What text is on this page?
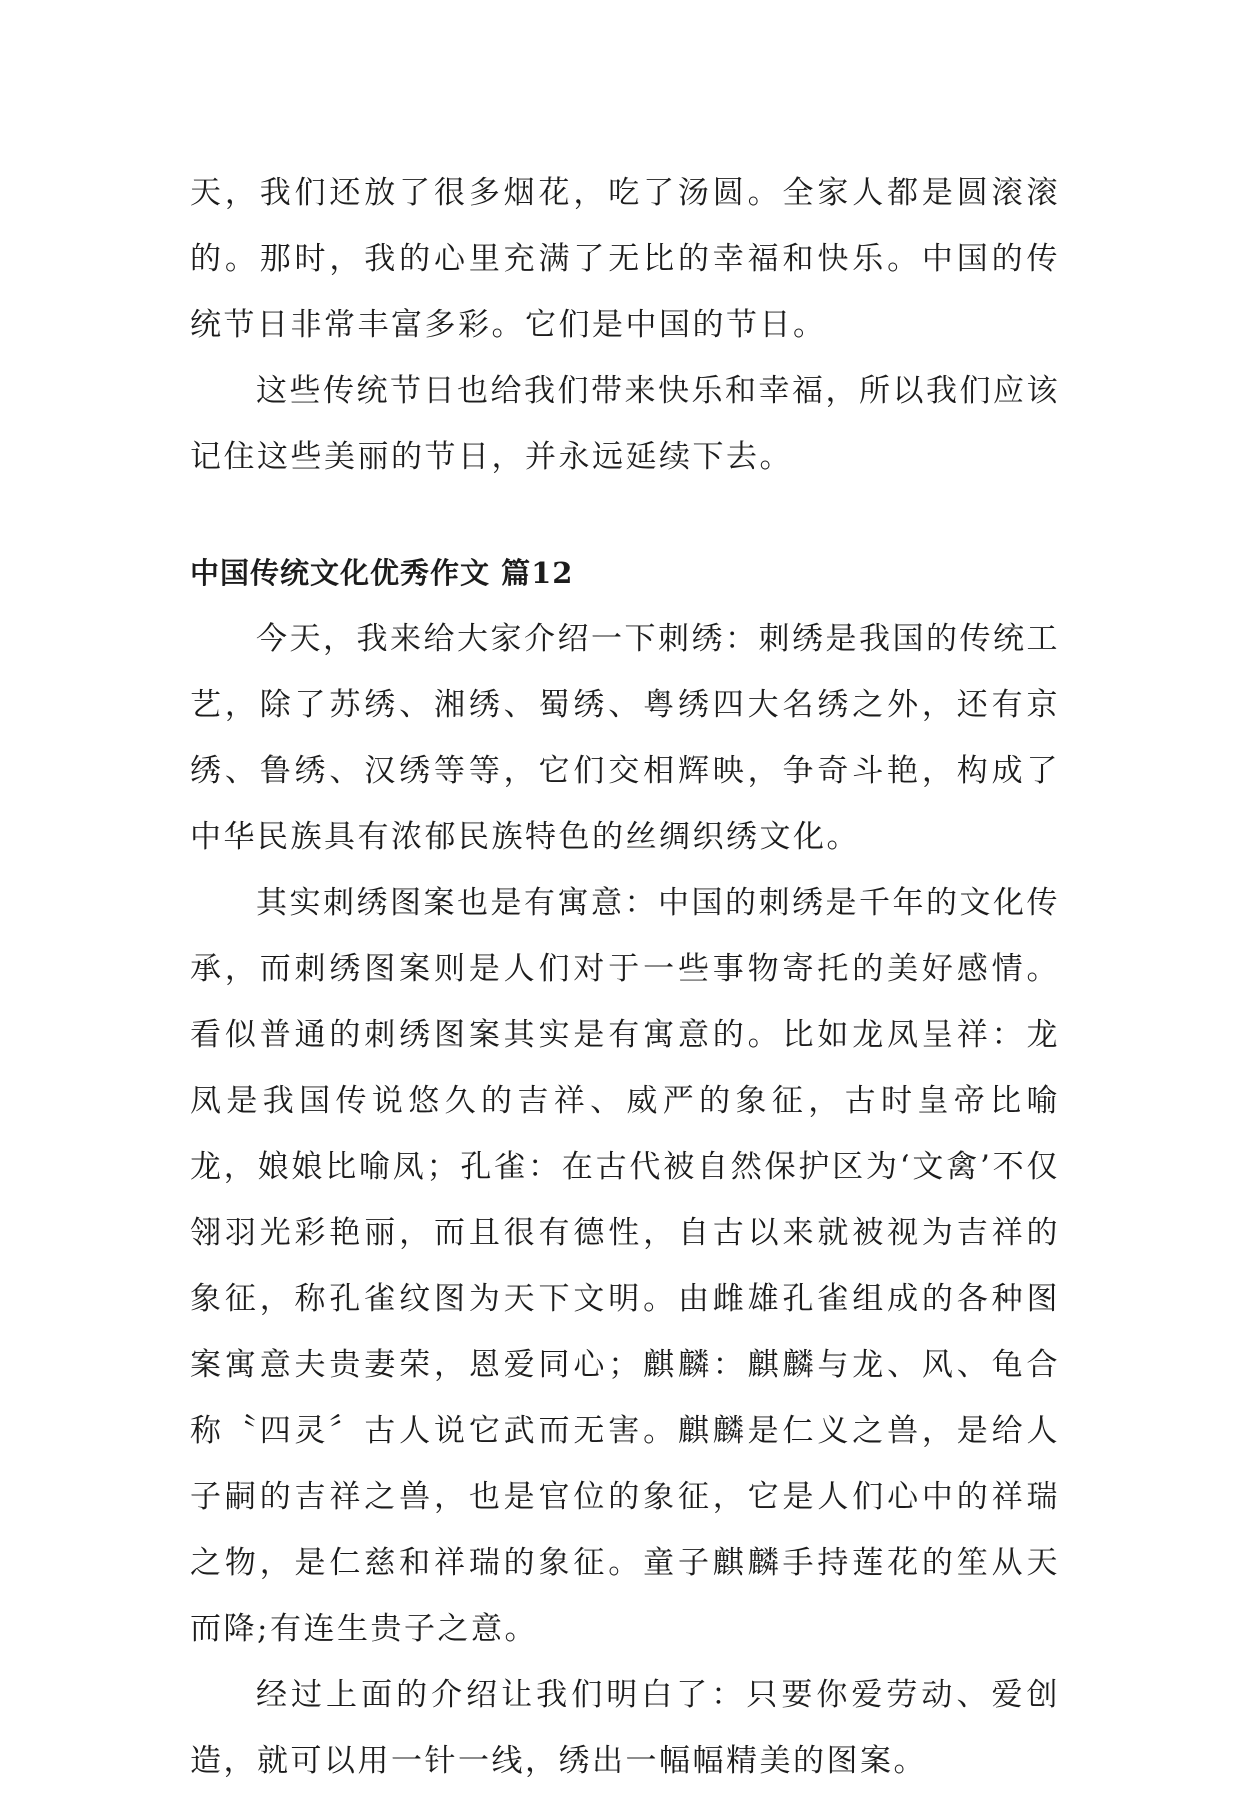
天，我们还放了很多烟花，吃了汤圆。全家人都是圆滚滚的。那时，我的心里充满了无比的幸福和快乐。中国的传统节日非常丰富多彩。它们是中国的节日。

这些传统节日也给我们带来快乐和幸福，所以我们应该记住这些美丽的节日，并永远延续下去。

中国传统文化优秀作文 篇12

今天，我来给大家介绍一下刺绣：刺绣是我国的传统工艺，除了苏绣、湘绣、蜀绣、粤绣四大名绣之外，还有京绣、鲁绣、汉绣等等，它们交相辉映，争奇斗艳，构成了中华民族具有浓郁民族特色的丝绸织绣文化。

其实刺绣图案也是有寓意：中国的刺绣是千年的文化传承，而刺绣图案则是人们对于一些事物寄托的美好感情。看似普通的刺绣图案其实是有寓意的。比如龙凤呈祥：龙凤是我国传说悠久的吉祥、威严的象征，古时皇帝比喻龙，娘娘比喻凤；孔雀：在古代被自然保护区为‘文禽’不仅翎羽光彩艳丽，而且很有德性，自古以来就被视为吉祥的象征，称孔雀纹图为天下文明。由雌雄孔雀组成的各种图案寓意夫贵妻荣，恩爱同心；麒麟：麒麟与龙、风、龟合称〝四灵〞古人说它武而无害。麒麟是仁义之兽，是给人子嗣的吉祥之兽，也是官位的象征，它是人们心中的祥瑞之物，是仁慈和祥瑞的象征。童子麒麟手持莲花的笙从天而降;有连生贵子之意。

经过上面的介绍让我们明白了：只要你爱劳动、爱创造，就可以用一针一线，绣出一幅幅精美的图案。
